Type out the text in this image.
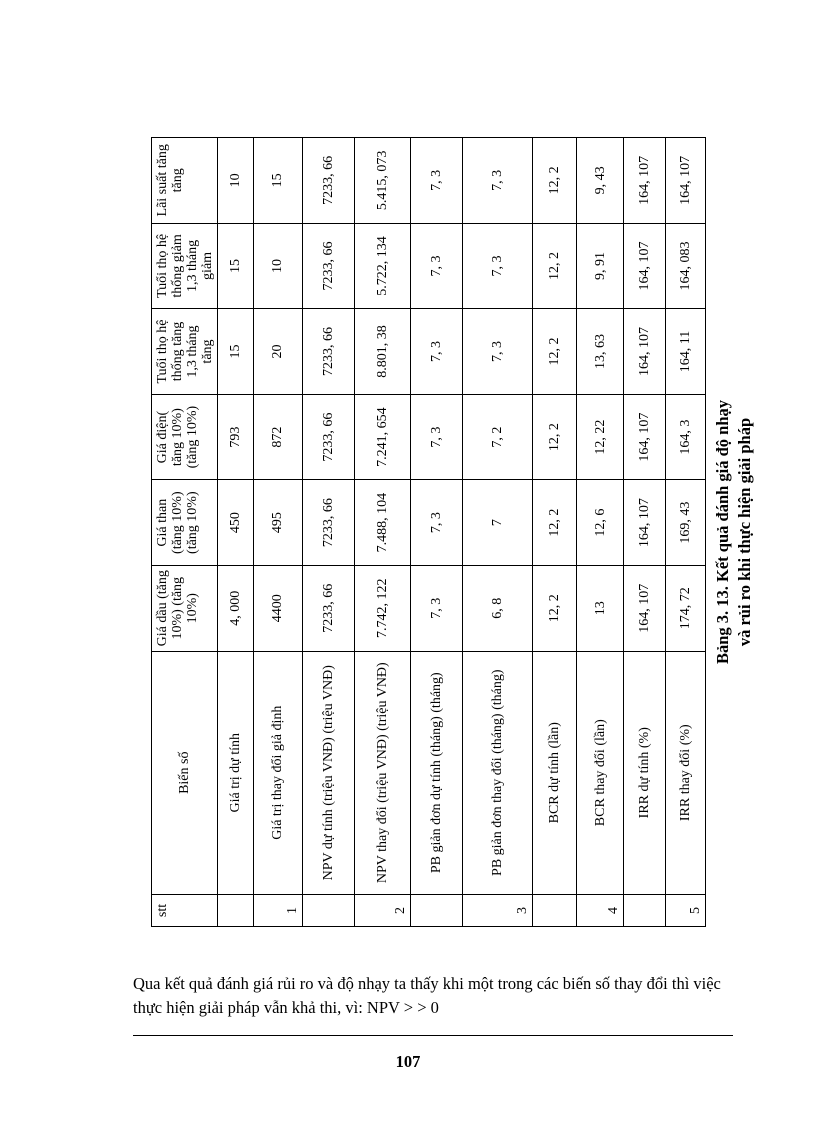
stt	Biến số	Giá dầu (tăng 10%) (tăng 10%)	Giá than (tăng 10%) (tăng 10%)	Giá điện( tăng 10%) (tăng 10%)	Tuổi thọ hệ thống tăng 1,3 tháng tăng	Tuổi thọ hệ thống giảm 1,3 tháng giảm	Lãi suất tăng tăng
	Giá trị dự tính	4, 000	450	793	15	15	10
1	Giá trị thay đổi giả định	4400	495	872	20	10	15
	NPV dự tính (triệu VNĐ) (triệu VNĐ)	7233, 66	7233, 66	7233, 66	7233, 66	7233, 66	7233, 66
2	NPV thay đổi (triệu VNĐ) (triệu VNĐ)	7.742, 122	7.488, 104	7.241, 654	8.801, 38	5.722, 134	5.415, 073
	PB giản đơn dự tính (tháng) (tháng)	7, 3	7, 3	7, 3	7, 3	7, 3	7, 3
3	PB giản đơn thay đổi (tháng) (tháng)	6, 8	7	7, 2	7, 3	7, 3	7, 3
	BCR dự tính (lần)	12, 2	12, 2	12, 2	12, 2	12, 2	12, 2
4	BCR thay đổi (lần)	13	12, 6	12, 22	13, 63	9, 91	9, 43
	IRR dự tính (%)	164, 107	164, 107	164, 107	164, 107	164, 107	164, 107
5	IRR thay đổi (%)	174, 72	169, 43	164, 3	164, 11	164, 083	164, 107
Bảng 3. 13. Kết quả đánh giá độ nhạy và rủi ro khi thực hiện giải pháp
Qua kết quả đánh giá rủi ro và độ nhạy ta thấy khi một trong các biến số thay đổi thì việc thực hiện giải pháp vẫn khả thi, vì: NPV > > 0
107
